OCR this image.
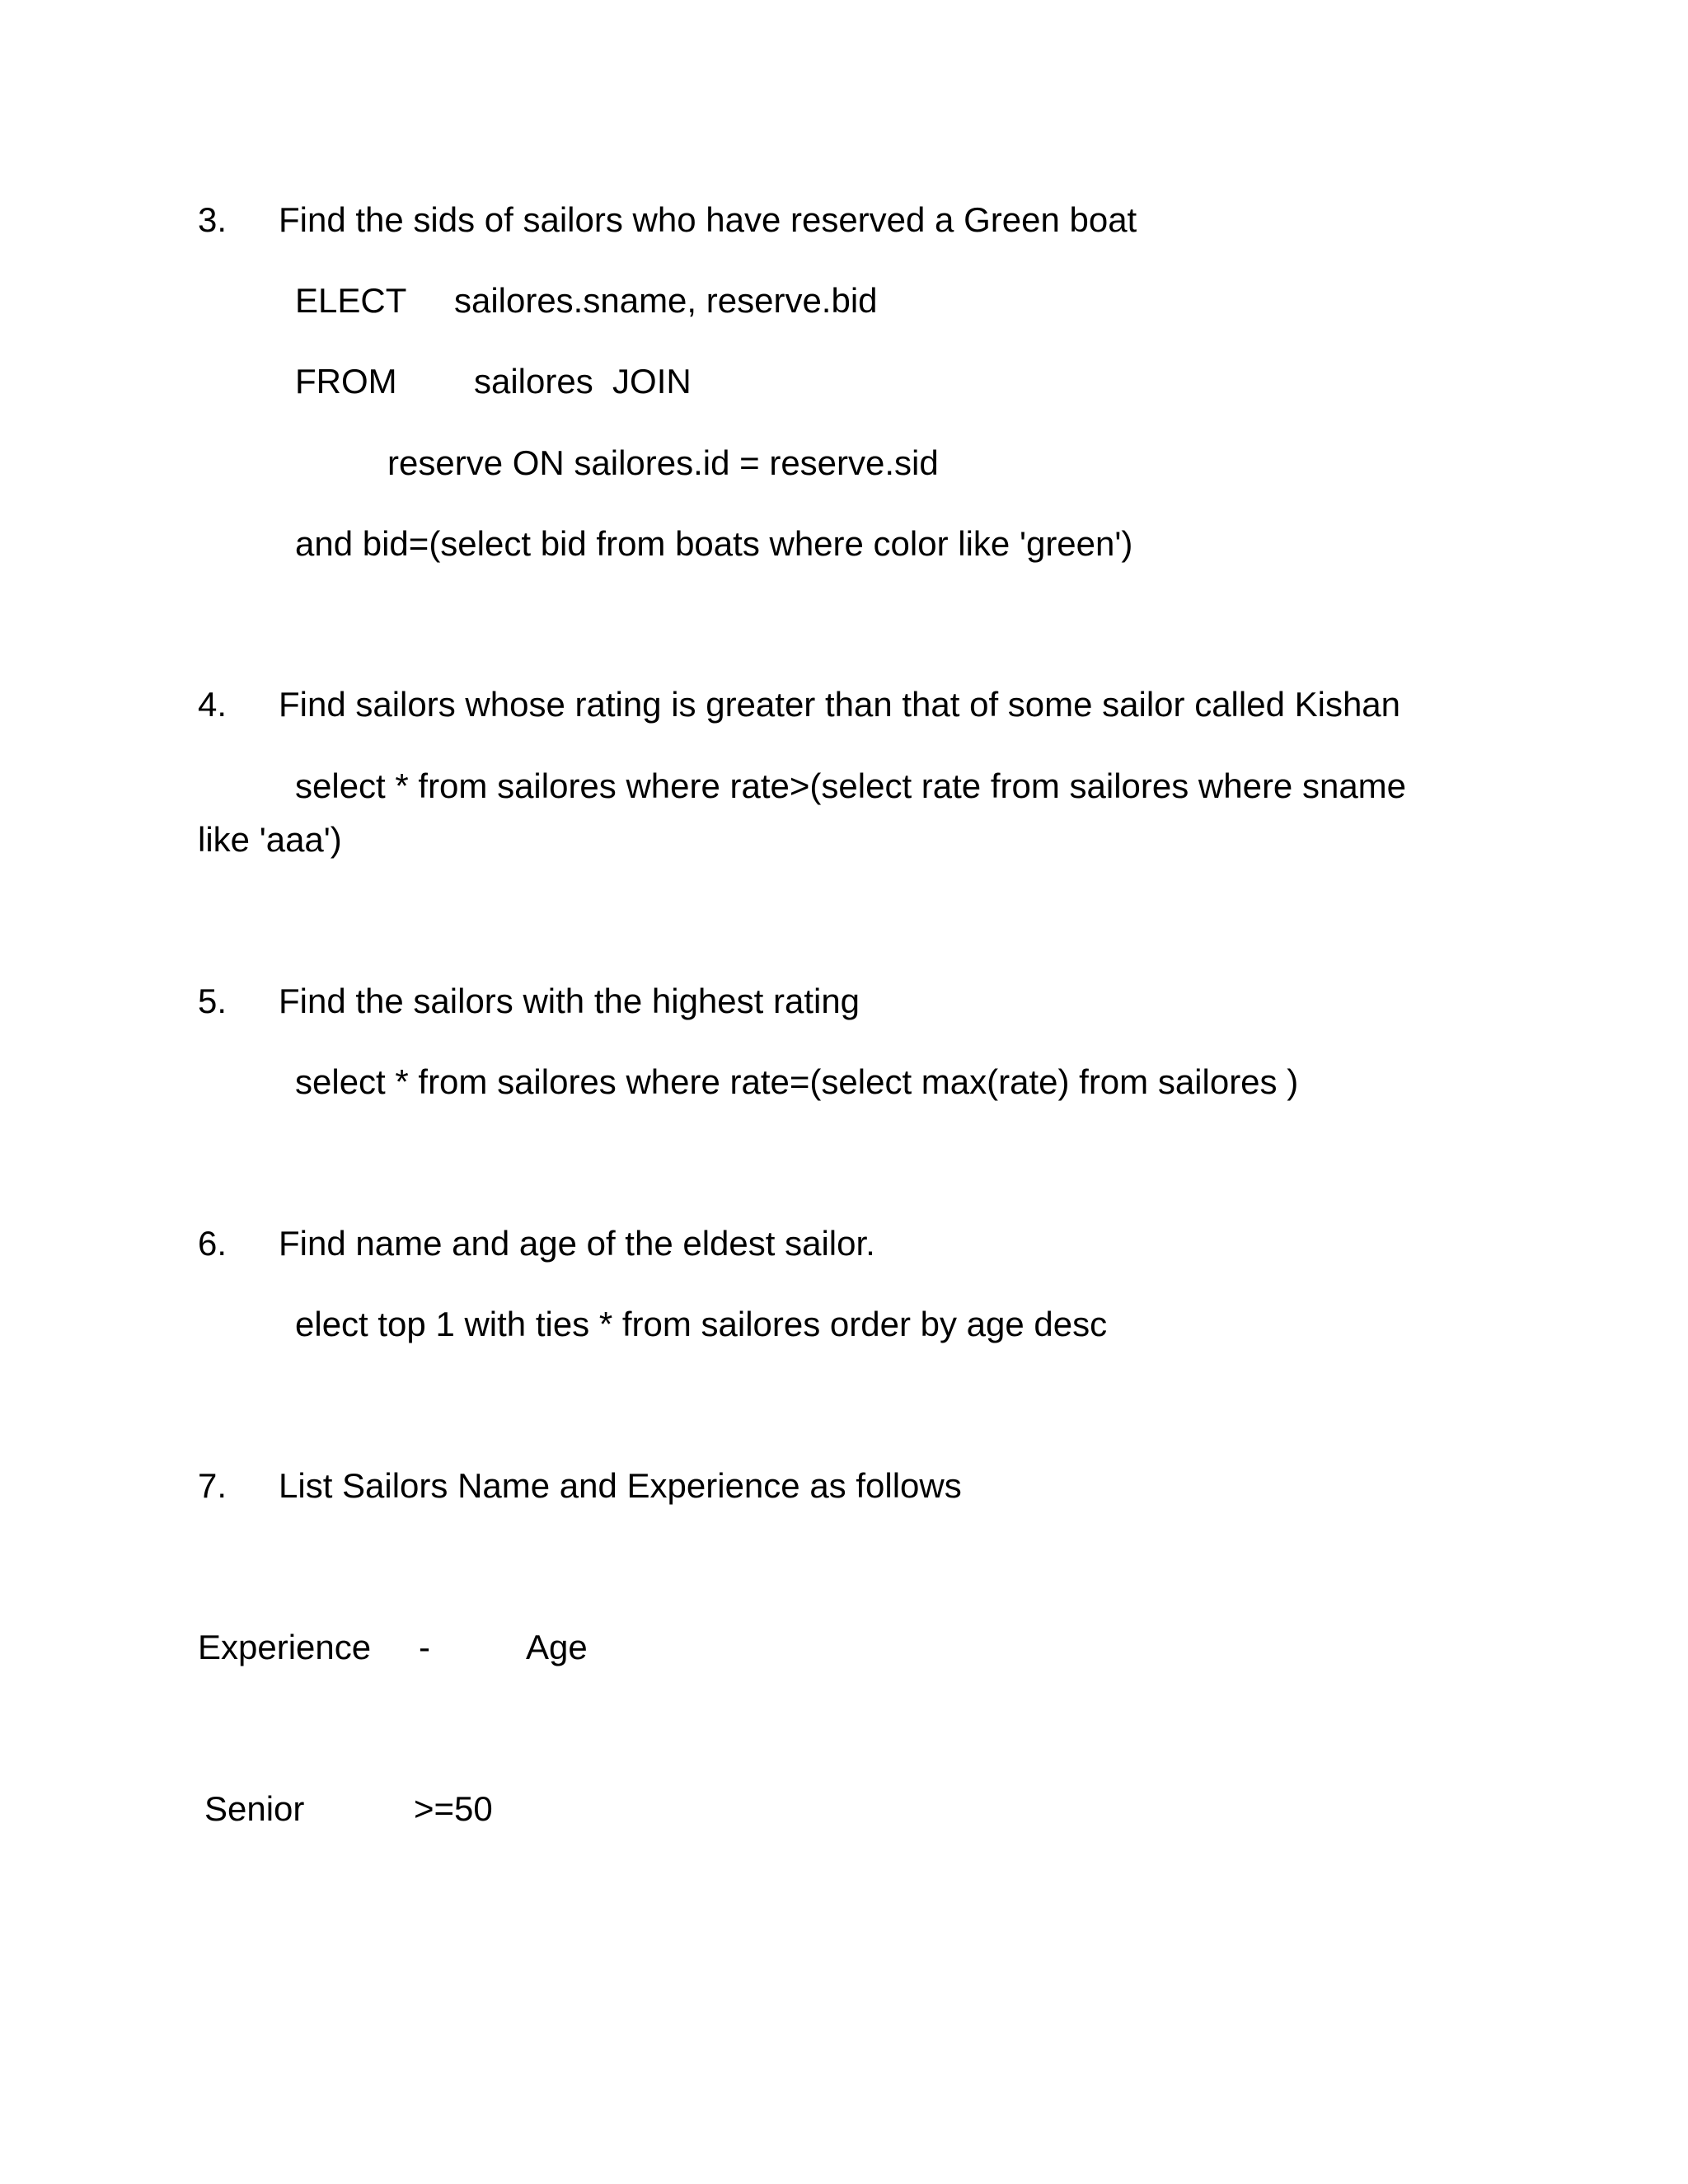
3. Find the sids of sailors who have reserved a Green boat

ELECT     sailores.sname, reserve.bid

FROM        sailores  JOIN

reserve ON sailores.id = reserve.sid

and bid=(select bid from boats where color like 'green')

4. Find sailors whose rating is greater than that of some sailor called Kishan

select * from sailores where rate>(select rate from sailores where sname

like 'aaa')

5. Find the sailors with the highest rating

select * from sailores where rate=(select max(rate) from sailores )

6. Find name and age of the eldest sailor.

elect top 1 with ties * from sailores order by age desc

7. List Sailors Name and Experience as follows

Experience -	Age
Senior	>=50
